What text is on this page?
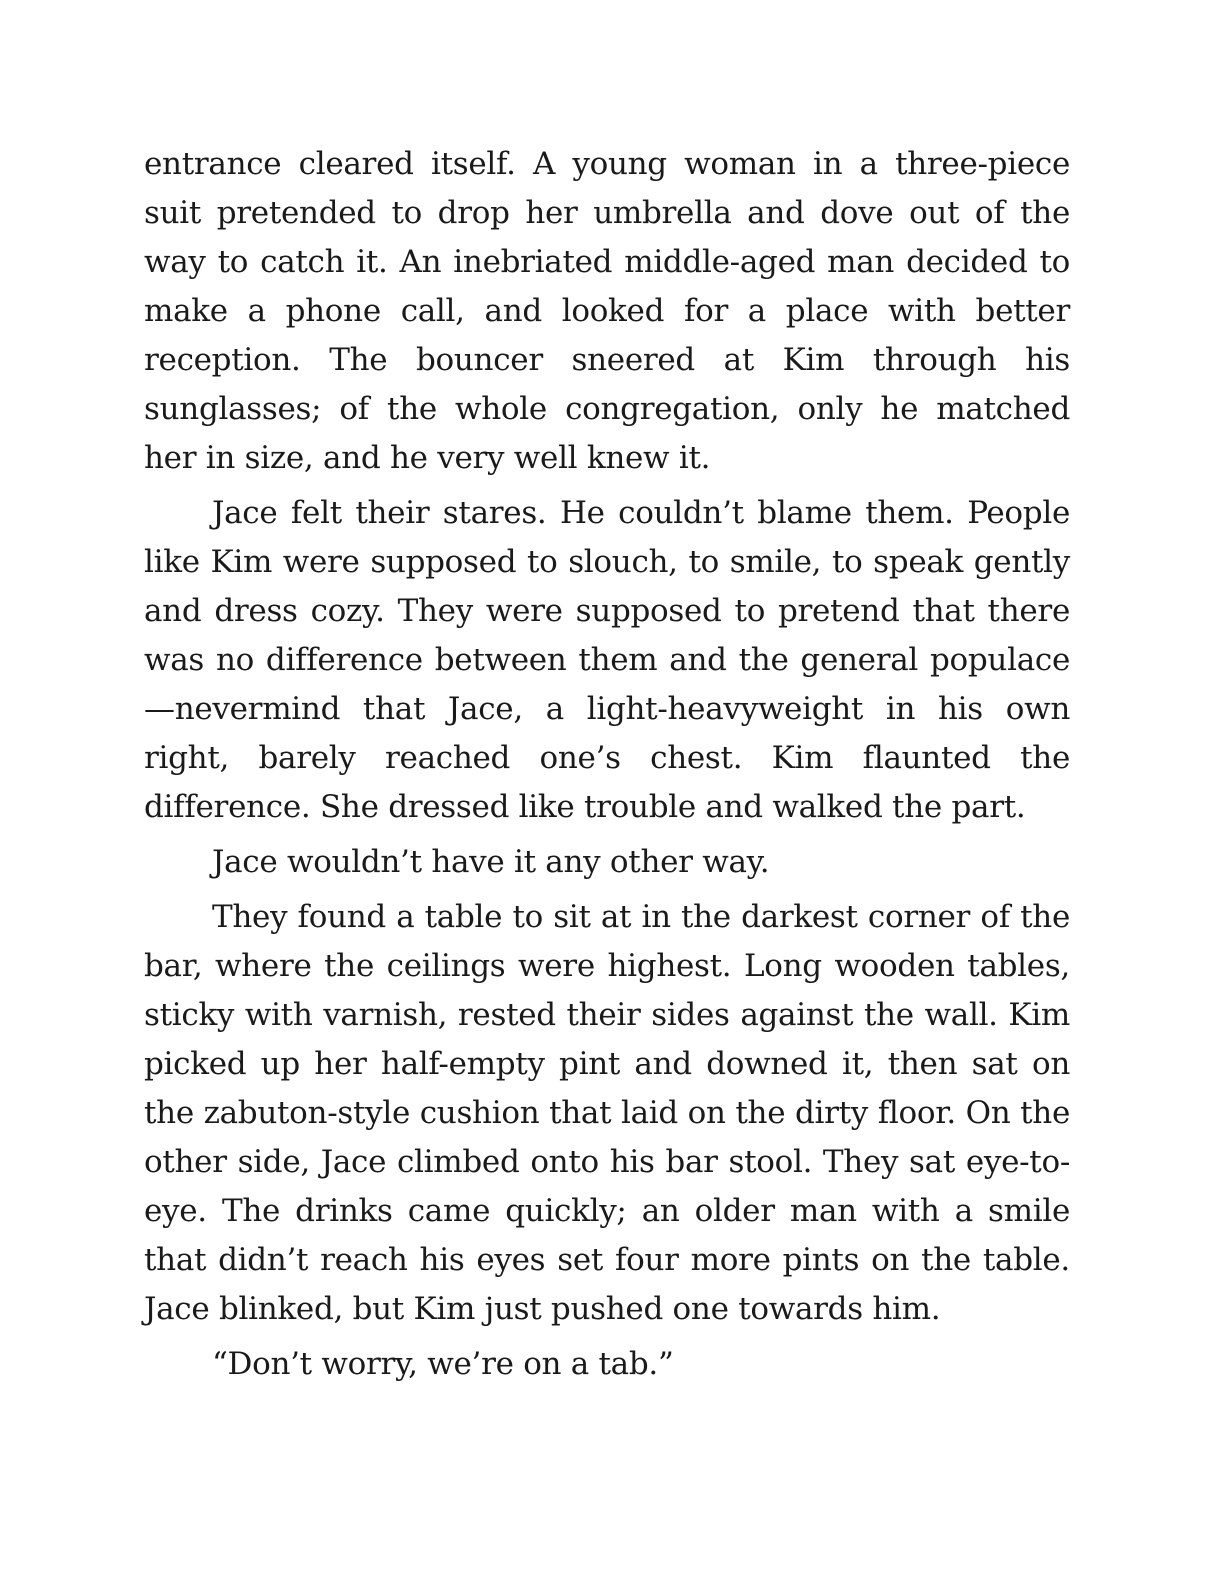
entrance cleared itself. A young woman in a three-piece suit pretended to drop her umbrella and dove out of the way to catch it. An inebriated middle-aged man decided to make a phone call, and looked for a place with better reception. The bouncer sneered at Kim through his sunglasses; of the whole congregation, only he matched her in size, and he very well knew it.

Jace felt their stares. He couldn’t blame them. People like Kim were supposed to slouch, to smile, to speak gently and dress cozy. They were supposed to pretend that there was no difference between them and the general populace—nevermind that Jace, a light-heavyweight in his own right, barely reached one’s chest. Kim flaunted the difference. She dressed like trouble and walked the part.

Jace wouldn’t have it any other way.

They found a table to sit at in the darkest corner of the bar, where the ceilings were highest. Long wooden tables, sticky with varnish, rested their sides against the wall. Kim picked up her half-empty pint and downed it, then sat on the zabuton-style cushion that laid on the dirty floor. On the other side, Jace climbed onto his bar stool. They sat eye-to-eye. The drinks came quickly; an older man with a smile that didn’t reach his eyes set four more pints on the table. Jace blinked, but Kim just pushed one towards him.

“Don’t worry, we’re on a tab.”
